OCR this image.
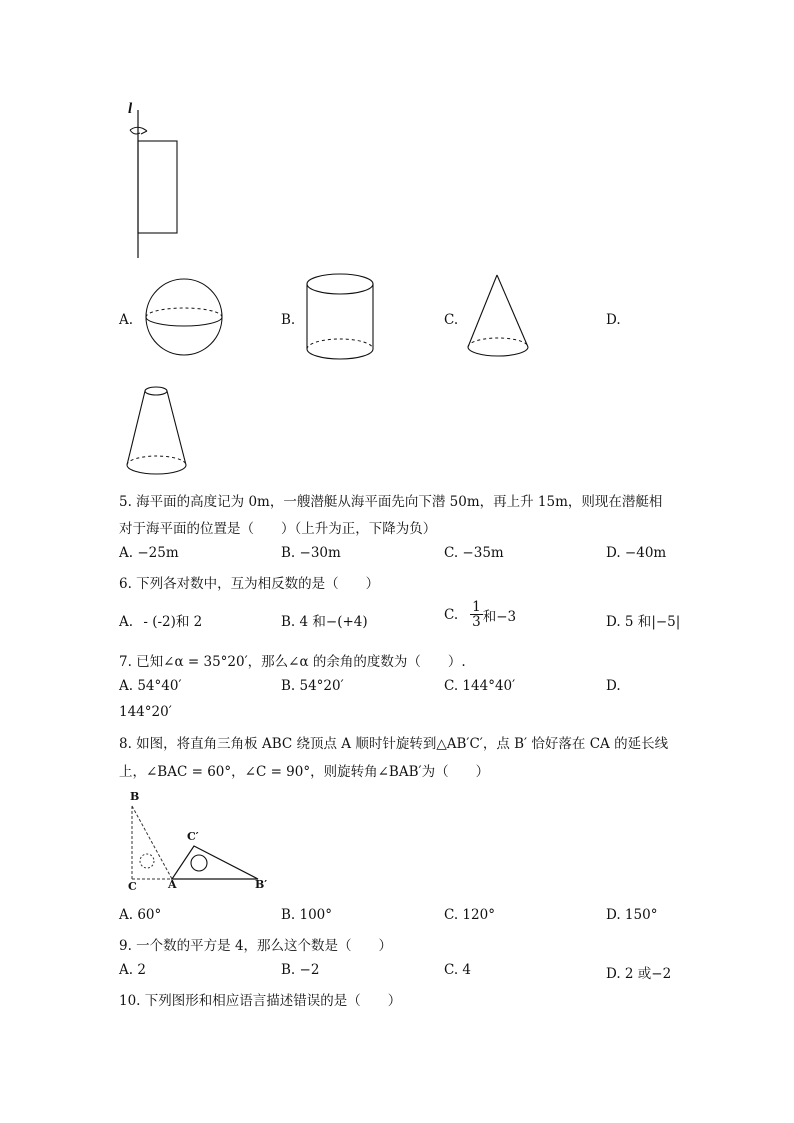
l
A.	B.	C.	D.
5. 海平面的高度记为 0m，一艘潜艇从海平面先向下潜 50m，再上升 15m，则现在潜艇相
对于海平面的位置是（　　）（上升为正，下降为负）
A. −25m	B. −30m	C. −35m	D. −40m
6. 下列各对数中，互为相反数的是（　　）
A. - (-2)和 2	B. 4 和−(+4)	C. $\frac{1}{3}$ 和−3	D. 5 和|−5|
7. 已知∠α = 35°20′，那么∠α 的余角的度数为（　　）.
A. 54°40′	B. 54°20′	C. 144°40′	D.
144°20′
8. 如图，将直角三角板 ABC 绕顶点 A 顺时针旋转到△AB′C′，点 B′ 恰好落在 CA 的延长线
上，∠BAC = 60°，∠C = 90°，则旋转角∠BAB′为（　　）
B
C	A
C′
B′
A. 60°	B. 100°	C. 120°	D. 150°
9. 一个数的平方是 4，那么这个数是（　　）
A. 2	B. −2	C. 4	D. 2 或−2
10. 下列图形和相应语言描述错误的是（　　）
